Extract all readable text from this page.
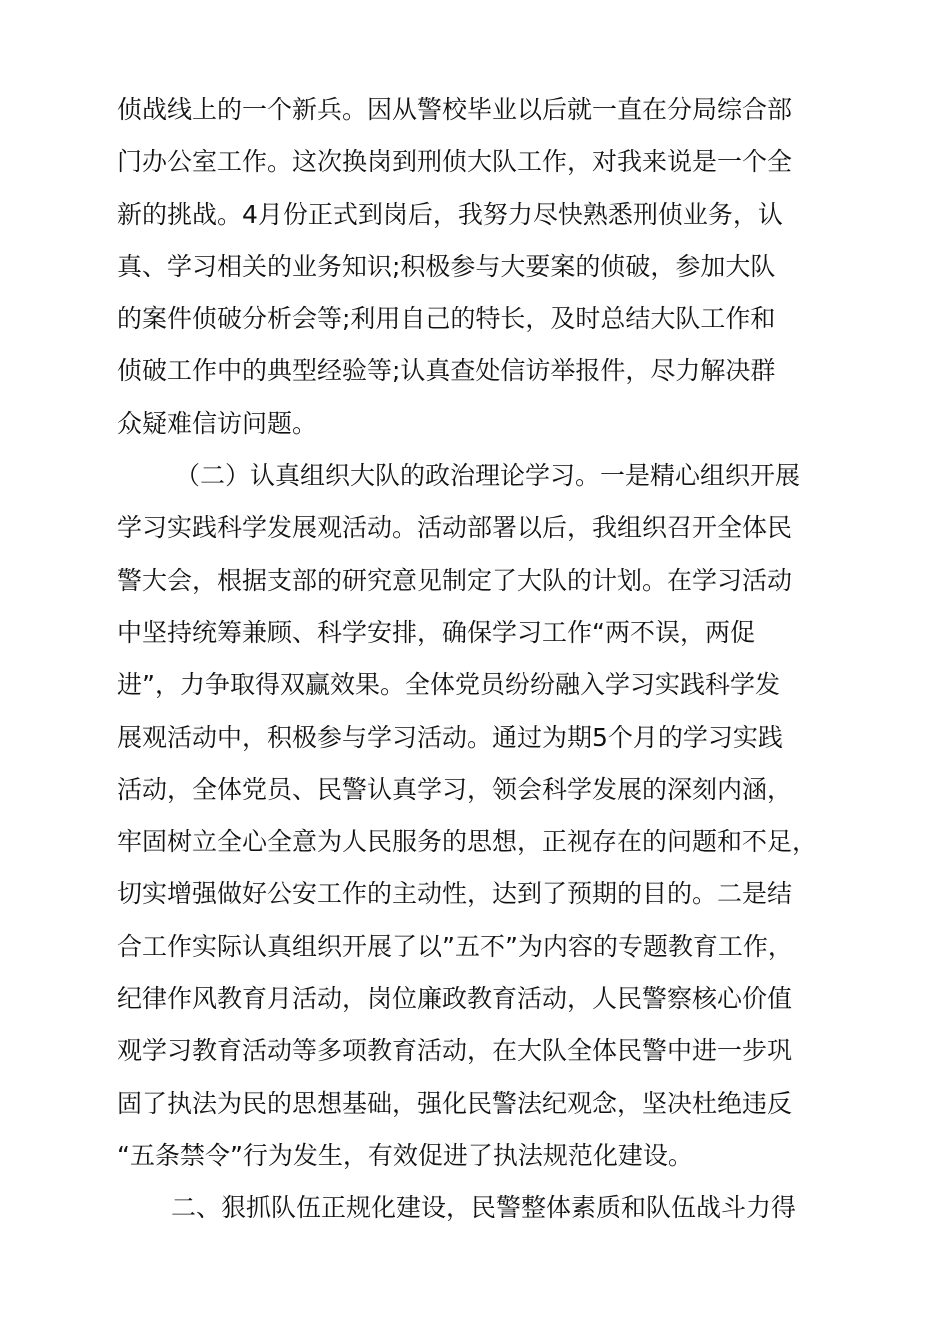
侦战线上的一个新兵。因从警校毕业以后就一直在分局综合部
门办公室工作。这次换岗到刑侦大队工作，对我来说是一个全
新的挑战。4月份正式到岗后，我努力尽快熟悉刑侦业务，认
真、学习相关的业务知识;积极参与大要案的侦破，参加大队
的案件侦破分析会等;利用自己的特长，及时总结大队工作和
侦破工作中的典型经验等;认真查处信访举报件，尽力解决群
众疑难信访问题。
（二）认真组织大队的政治理论学习。一是精心组织开展
学习实践科学发展观活动。活动部署以后，我组织召开全体民
警大会，根据支部的研究意见制定了大队的计划。在学习活动
中坚持统筹兼顾、科学安排，确保学习工作“两不误，两促
进”，力争取得双赢效果。全体党员纷纷融入学习实践科学发
展观活动中，积极参与学习活动。通过为期5个月的学习实践
活动，全体党员、民警认真学习，领会科学发展的深刻内涵，
牢固树立全心全意为人民服务的思想，正视存在的问题和不足，
切实增强做好公安工作的主动性，达到了预期的目的。二是结
合工作实际认真组织开展了以”五不”为内容的专题教育工作，
纪律作风教育月活动，岗位廉政教育活动，人民警察核心价值
观学习教育活动等多项教育活动，在大队全体民警中进一步巩
固了执法为民的思想基础，强化民警法纪观念，坚决杜绝违反
“五条禁令”行为发生，有效促进了执法规范化建设。
二、狠抓队伍正规化建设，民警整体素质和队伍战斗力得
